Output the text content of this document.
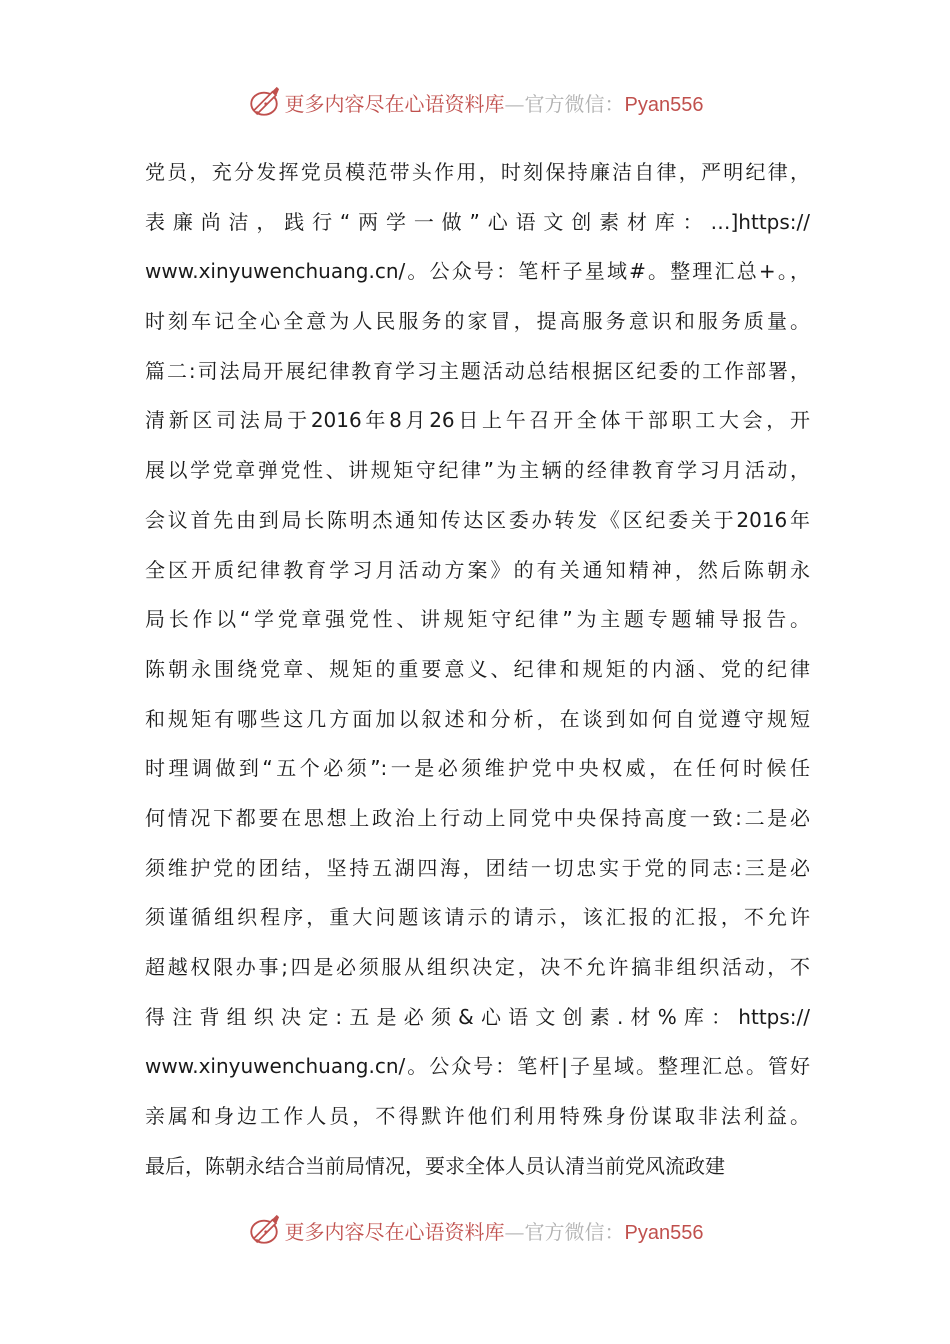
更多内容尽在心语资料库—官方微信：Pyan556
党员，充分发挥党员模范带头作用，时刻保持廉洁自律，严明纪律，
表廉尚洁，践行“两学一做”心语文创素材库：…]https://
www.xinyuwenchuang.cn/。公众号：笔杆子星域#。整理汇总+。，
时刻车记全心全意为人民服务的家冒，提高服务意识和服务质量。
篇二:司法局开展纪律教育学习主题活动总结根据区纪委的工作部署，
清新区司法局于2016年8月26日上午召开全体干部职工大会，开
展以学党章弹党性、讲规矩守纪律”为主辆的经律教育学习月活动，
会议首先由到局长陈明杰通知传达区委办转发《区纪委关于2016年
全区开质纪律教育学习月活动方案》的有关通知精神，然后陈朝永
局长作以“学党章强党性、讲规矩守纪律”为主题专题辅导报告。
陈朝永围绕党章、规矩的重要意义、纪律和规矩的内涵、党的纪律
和规矩有哪些这几方面加以叙述和分析，在谈到如何自觉遵守规短
时理调做到“五个必须”:一是必须维护党中央权威，在任何时候任
何情况下都要在思想上政治上行动上同党中央保持高度一致:二是必
须维护党的团结，坚持五湖四海，团结一切忠实于党的同志:三是必
须谨循组织程序，重大问题该请示的请示，该汇报的汇报，不允许
超越权限办事;四是必须服从组织决定，决不允许搞非组织活动，不
得注背组织决定:五是必须&心语文创素.材%库：https://
www.xinyuwenchuang.cn/。公众号：笔杆|子星域。整理汇总。管好
亲属和身边工作人员，不得默许他们利用特殊身份谋取非法利益。
最后，陈朝永结合当前局情况，要求全体人员认清当前党风流政建
更多内容尽在心语资料库—官方微信：Pyan556
